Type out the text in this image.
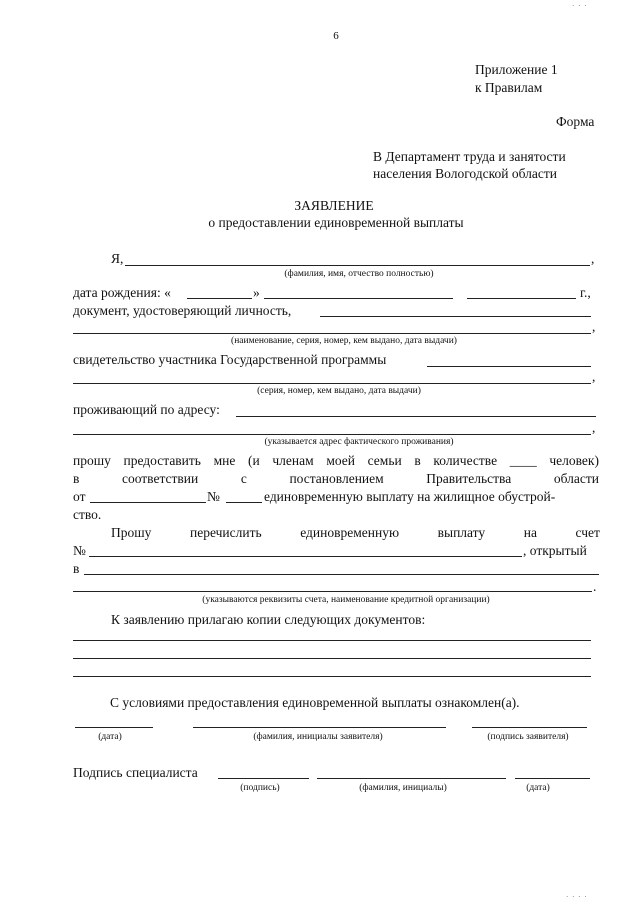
6
Приложение 1
к Правилам
Форма
В Департамент труда и занятости
населения Вологодской области
ЗАЯВЛЕНИЕ
о предоставлении единовременной выплаты
Я,	,
(фамилия, имя, отчество полностью)
дата рождения: «	»	г.,
документ, удостоверяющий личность,
,
(наименование, серия, номер, кем выдано, дата выдачи)
свидетельство участника Государственной программы
,
(серия, номер, кем выдано, дата выдачи)
проживающий по адресу:
,
(указывается адрес фактического проживания)
прошу предоставить мне (и членам моей семьи в количестве ____ человек)
в	соответствии	с	постановлением	Правительства	области
от	№	единовременную выплату на жилищное обустрой-
ство.
Прошу	перечислить	единовременную	выплату	на	счет
№	, открытый
в
.
(указываются реквизиты счета, наименование кредитной организации)
К заявлению прилагаю копии следующих документов:
С условиями предоставления единовременной выплаты ознакомлен(а).
(дата)	(фамилия, инициалы заявителя)	(подпись заявителя)
Подпись специалиста
(подпись)	(фамилия, инициалы)	(дата)
· · ·
· · · ·
